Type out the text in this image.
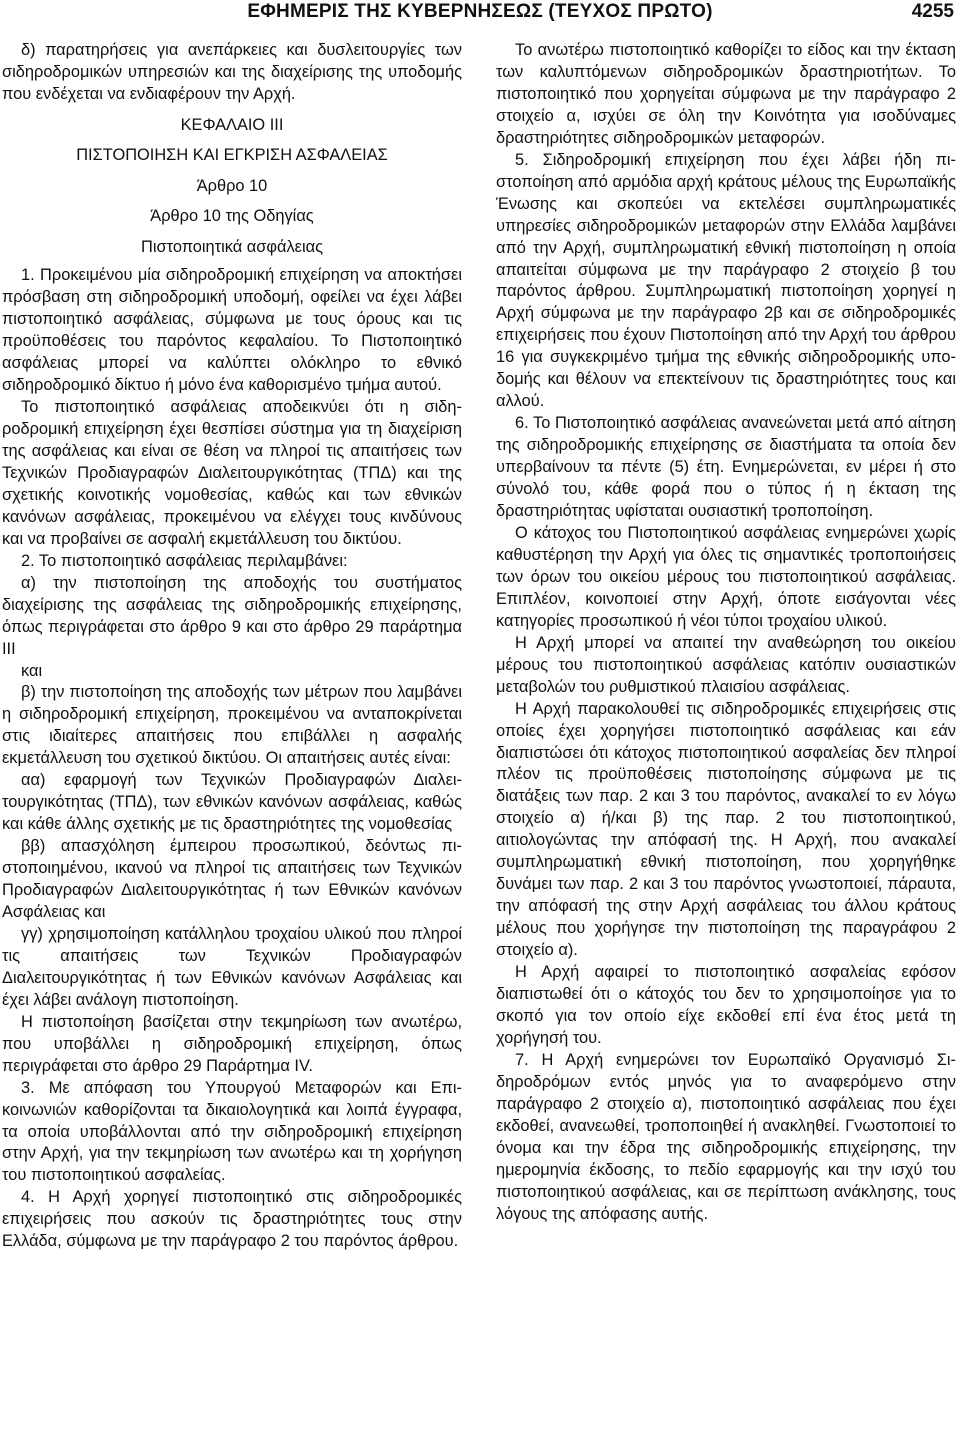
ΕΦΗΜΕΡΙΣ ΤΗΣ ΚΥΒΕΡΝΗΣΕΩΣ (ΤΕΥΧΟΣ ΠΡΩΤΟ)	4255

δ) παρατηρήσεις για ανεπάρκειες και δυσλειτουργίες των σιδηροδρομικών υπηρεσιών και της διαχείρισης της υποδομής που ενδέχεται να ενδιαφέρουν την Αρχή.

ΚΕΦΑΛΑΙΟ ΙΙΙ

ΠΙΣΤΟΠΟΙΗΣΗ ΚΑΙ ΕΓΚΡΙΣΗ ΑΣΦΑΛΕΙΑΣ

Άρθρο 10

Άρθρο 10 της Οδηγίας

Πιστοποιητικά ασφάλειας

1. Προκειμένου μία σιδηροδρομική επιχείρηση να αποκτήσει πρόσβαση στη σιδηροδρομική υποδομή, οφείλει να έχει λάβει πιστοποιητικό ασφάλειας, σύμφωνα με τους όρους και τις προϋποθέσεις του παρόντος κεφαλαίου. Το Πιστοποιητικό ασφάλειας μπορεί να καλύπτει ολόκληρο το εθνικό σιδηροδρομικό δίκτυο ή μόνο ένα καθορισμένο τμήμα αυτού.

Το πιστοποιητικό ασφάλειας αποδεικνύει ότι η σιδηροδρομική επιχείρηση έχει θεσπίσει σύστημα για τη διαχείριση της ασφάλειας και είναι σε θέση να πληροί τις απαιτήσεις των Τεχνικών Προδιαγραφών Διαλειτουργικότητας (ΤΠΔ) και της σχετικής κοινοτικής νομοθεσίας, καθώς και των εθνικών κανόνων ασφάλειας, προκειμένου να ελέγχει τους κινδύνους και να προβαίνει σε ασφαλή εκμετάλλευση του δικτύου.

2. Το πιστοποιητικό ασφάλειας περιλαμβάνει:

α) την πιστοποίηση της αποδοχής του συστήματος διαχείρισης της ασφάλειας της σιδηροδρομικής επιχείρησης, όπως περιγράφεται στο άρθρο 9 και στο άρθρο 29 παράρτημα ΙΙΙ

και

β) την πιστοποίηση της αποδοχής των μέτρων που λαμβάνει η σιδηροδρομική επιχείρηση, προκειμένου να ανταποκρίνεται στις ιδιαίτερες απαιτήσεις που επιβάλλει η ασφαλής εκμετάλλευση του σχετικού δικτύου. Οι απαιτήσεις αυτές είναι:

αα) εφαρμογή των Τεχνικών Προδιαγραφών Διαλειτουργικότητας (ΤΠΔ), των εθνικών κανόνων ασφάλειας, καθώς και κάθε άλλης σχετικής με τις δραστηριότητες της νομοθεσίας

ββ) απασχόληση έμπειρου προσωπικού, δεόντως πιστοποιημένου, ικανού να πληροί τις απαιτήσεις των Τεχνικών Προδιαγραφών Διαλειτουργικότητας ή των Εθνικών κανόνων Ασφάλειας και

γγ) χρησιμοποίηση κατάλληλου τροχαίου υλικού που πληροί τις απαιτήσεις των Τεχνικών Προδιαγραφών Διαλειτουργικότητας ή των Εθνικών κανόνων Ασφάλειας και έχει λάβει ανάλογη πιστοποίηση.

Η πιστοποίηση βασίζεται στην τεκμηρίωση των ανωτέρω, που υποβάλλει η σιδηροδρομική επιχείρηση, όπως περιγράφεται στο άρθρο 29 Παράρτημα ΙV.

3. Με απόφαση του Υπουργού Μεταφορών και Επικοινωνιών καθορίζονται τα δικαιολογητικά και λοιπά έγγραφα, τα οποία υποβάλλονται από την σιδηροδρομική επιχείρηση στην Αρχή, για την τεκμηρίωση των ανωτέρω και τη χορήγηση του πιστοποιητικού ασφαλείας.

4. Η Αρχή χορηγεί πιστοποιητικό στις σιδηροδρομικές επιχειρήσεις που ασκούν τις δραστηριότητες τους στην Ελλάδα, σύμφωνα με την παράγραφο 2 του παρόντος άρθρου.

Το ανωτέρω πιστοποιητικό καθορίζει το είδος και την έκταση των καλυπτόμενων σιδηροδρομικών δραστηριοτήτων. Το πιστοποιητικό που χορηγείται σύμφωνα με την παράγραφο 2 στοιχείο α, ισχύει σε όλη την Κοινότητα για ισοδύναμες δραστηριότητες σιδηροδρομικών μεταφορών.

5. Σιδηροδρομική επιχείρηση που έχει λάβει ήδη πιστοποίηση από αρμόδια αρχή κράτους μέλους της Ευρωπαϊκής Ένωσης και σκοπεύει να εκτελέσει συμπληρωματικές υπηρεσίες σιδηροδρομικών μεταφορών στην Ελλάδα λαμβάνει από την Αρχή, συμπληρωματική εθνική πιστοποίηση η οποία απαιτείται σύμφωνα με την παράγραφο 2 στοιχείο β του παρόντος άρθρου. Συμπληρωματική πιστοποίηση χορηγεί η Αρχή σύμφωνα με την παράγραφο 2β και σε σιδηροδρομικές επιχειρήσεις που έχουν Πιστοποίηση από την Αρχή του άρθρου 16 για συγκεκριμένο τμήμα της εθνικής σιδηροδρομικής υποδομής και θέλουν να επεκτείνουν τις δραστηριότητες τους και αλλού.

6. Το Πιστοποιητικό ασφάλειας ανανεώνεται μετά από αίτηση της σιδηροδρομικής επιχείρησης σε διαστήματα τα οποία δεν υπερβαίνουν τα πέντε (5) έτη. Ενημερώνεται, εν μέρει ή στο σύνολό του, κάθε φορά που ο τύπος ή η έκταση της δραστηριότητας υφίσταται ουσιαστική τροποποίηση.

Ο κάτοχος του Πιστοποιητικού ασφάλειας ενημερώνει χωρίς καθυστέρηση την Αρχή για όλες τις σημαντικές τροποποιήσεις των όρων του οικείου μέρους του πιστοποιητικού ασφάλειας. Επιπλέον, κοινοποιεί στην Αρχή, όποτε εισάγονται νέες κατηγορίες προσωπικού ή νέοι τύποι τροχαίου υλικού.

Η Αρχή μπορεί να απαιτεί την αναθεώρηση του οικείου μέρους του πιστοποιητικού ασφάλειας κατόπιν ουσιαστικών μεταβολών του ρυθμιστικού πλαισίου ασφάλειας.

Η Αρχή παρακολουθεί τις σιδηροδρομικές επιχειρήσεις στις οποίες έχει χορηγήσει πιστοποιητικό ασφάλειας και εάν διαπιστώσει ότι κάτοχος πιστοποιητικού ασφαλείας δεν πληροί πλέον τις προϋποθέσεις πιστοποίησης σύμφωνα με τις διατάξεις των παρ. 2 και 3 του παρόντος, ανακαλεί το εν λόγω στοιχείο α) ή/και β) της παρ. 2 του πιστοποιητικού, αιτιολογώντας την απόφασή της. Η Αρχή, που ανακαλεί συμπληρωματική εθνική πιστοποίηση, που χορηγήθηκε δυνάμει των παρ. 2 και 3 του παρόντος γνωστοποιεί, πάραυτα, την απόφασή της στην Αρχή ασφάλειας του άλλου κράτους μέλους που χορήγησε την πιστοποίηση της παραγράφου 2 στοιχείο α).

Η Αρχή αφαιρεί το πιστοποιητικό ασφαλείας εφόσον διαπιστωθεί ότι ο κάτοχός του δεν το χρησιμοποίησε για το σκοπό για τον οποίο είχε εκδοθεί επί ένα έτος μετά τη χορήγησή του.

7. Η Αρχή ενημερώνει τον Ευρωπαϊκό Οργανισμό Σιδηροδρόμων εντός μηνός για το αναφερόμενο στην παράγραφο 2 στοιχείο α), πιστοποιητικό ασφάλειας που έχει εκδοθεί, ανανεωθεί, τροποποιηθεί ή ανακληθεί. Γνωστοποιεί το όνομα και την έδρα της σιδηροδρομικής επιχείρησης, την ημερομηνία έκδοσης, το πεδίο εφαρμογής και την ισχύ του πιστοποιητικού ασφάλειας, και σε περίπτωση ανάκλησης, τους λόγους της απόφασης αυτής.
